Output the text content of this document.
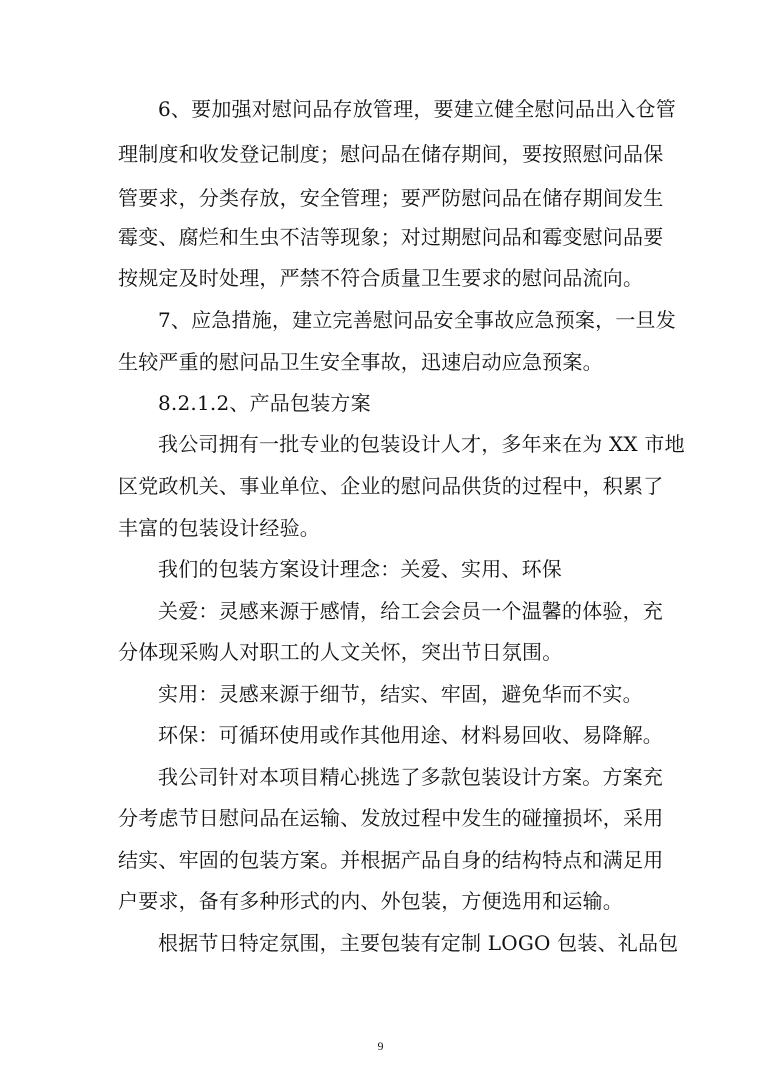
6、要加强对慰问品存放管理，要建立健全慰问品出入仓管
理制度和收发登记制度；慰问品在储存期间，要按照慰问品保
管要求，分类存放，安全管理；要严防慰问品在储存期间发生
霉变、腐烂和生虫不洁等现象；对过期慰问品和霉变慰问品要
按规定及时处理，严禁不符合质量卫生要求的慰问品流向。
7、应急措施，建立完善慰问品安全事故应急预案，一旦发
生较严重的慰问品卫生安全事故，迅速启动应急预案。
8.2.1.2、产品包装方案
我公司拥有一批专业的包装设计人才，多年来在为 XX 市地
区党政机关、事业单位、企业的慰问品供货的过程中，积累了
丰富的包装设计经验。
我们的包装方案设计理念：关爱、实用、环保
关爱：灵感来源于感情，给工会会员一个温馨的体验，充
分体现采购人对职工的人文关怀，突出节日氛围。
实用：灵感来源于细节，结实、牢固，避免华而不实。
环保：可循环使用或作其他用途、材料易回收、易降解。
我公司针对本项目精心挑选了多款包装设计方案。方案充
分考虑节日慰问品在运输、发放过程中发生的碰撞损坏，采用
结实、牢固的包装方案。并根据产品自身的结构特点和满足用
户要求，备有多种形式的内、外包装，方便选用和运输。
根据节日特定氛围，主要包装有定制 LOGO 包装、礼品包
9
